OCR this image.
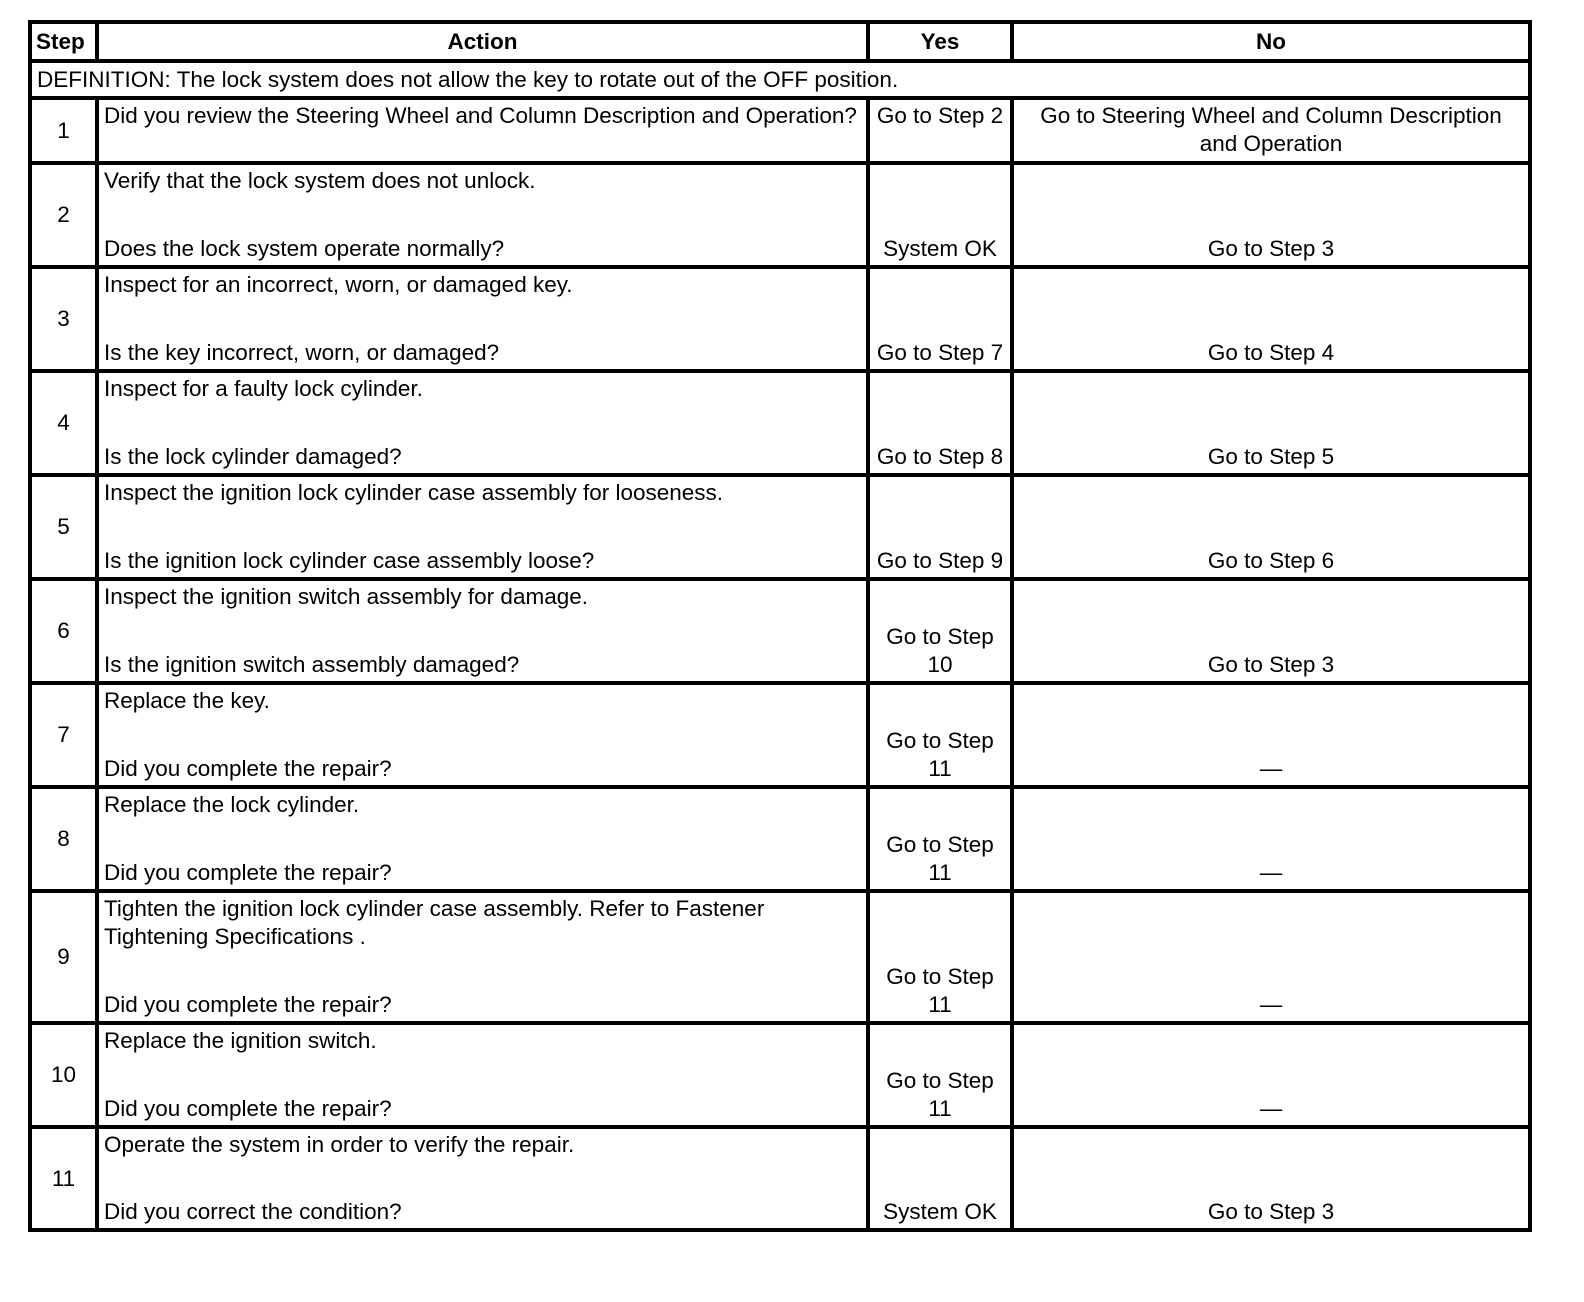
Step	Action	Yes	No
DEFINITION: The lock system does not allow the key to rotate out of the OFF position.			
1	Did you review the Steering Wheel and Column Description and Operation?	Go to Step 2	Go to Steering Wheel and Column Description and Operation
2	Verify that the lock system does not unlock.
Does the lock system operate normally?	System OK	Go to Step 3
3	Inspect for an incorrect, worn, or damaged key.
Is the key incorrect, worn, or damaged?	Go to Step 7	Go to Step 4
4	Inspect for a faulty lock cylinder.
Is the lock cylinder damaged?	Go to Step 8	Go to Step 5
5	Inspect the ignition lock cylinder case assembly for looseness.
Is the ignition lock cylinder case assembly loose?	Go to Step 9	Go to Step 6
6	Inspect the ignition switch assembly for damage.
Is the ignition switch assembly damaged?	Go to Step 10	Go to Step 3
7	Replace the key.
Did you complete the repair?	Go to Step 11	—
8	Replace the lock cylinder.
Did you complete the repair?	Go to Step 11	—
9	Tighten the ignition lock cylinder case assembly. Refer to Fastener Tightening Specifications .
Did you complete the repair?	Go to Step 11	—
10	Replace the ignition switch.
Did you complete the repair?	Go to Step 11	—
11	Operate the system in order to verify the repair.
Did you correct the condition?	System OK	Go to Step 3
